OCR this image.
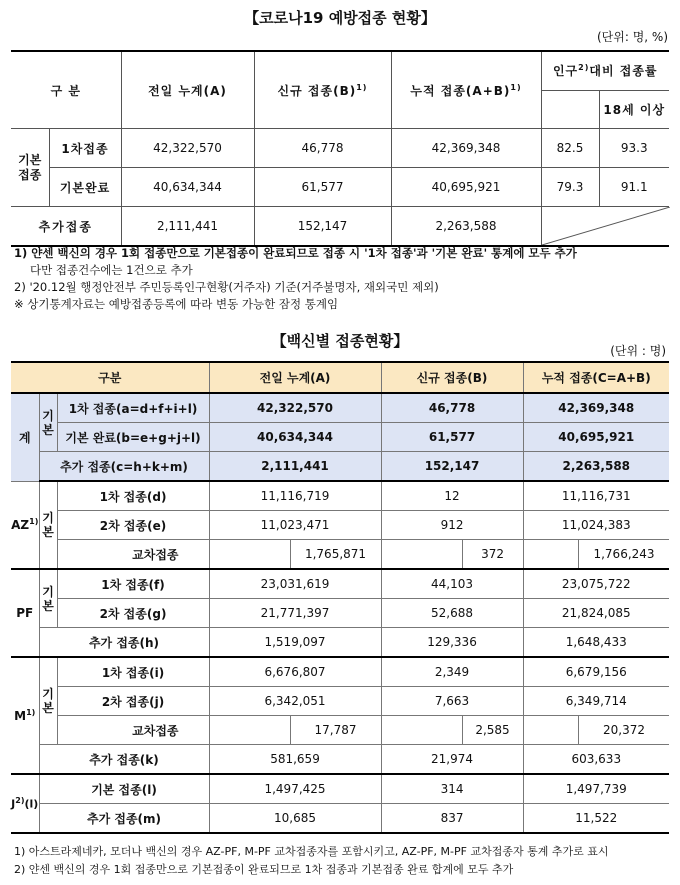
【코로나19 예방접종 현황】
(단위: 명, %)
구 분		전일 누계(A)	신규 접종$(B)^{1)}$	누적 접종$(A+B)^{1)}$	인구$^{2)}$대비 접종률	
						18세 이상

기본
접종	1차접종	42,322,570	46,778	42,369,348	82.5	93.3
	기본완료	40,634,344	61,577	40,695,921	79.3	91.1
추가접종		2,111,441	152,147	2,263,588	
1) 얀센 백신의 경우 1회 접종만으로 기본접종이 완료되므로 접종 시 '1차 접종'과 '기본 완료' 통계에 모두 추가
다만 접종건수에는 1건으로 추가
2) '20.12월 행정안전부 주민등록인구현황(거주자) 기준(거주불명자, 재외국민 제외)
※ 상기통계자료는 예방접종등록에 따라 변동 가능한 잠정 통계임
【백신별 접종현황】
(단위 : 명)
구분			전일 누계(A)	신규 접종(B)	누적 접종(C=A+B)
계	기
본	1차 접종(a=d+f+i+l)	42,322,570	46,778	42,369,348
		기본 완료(b=e+g+j+l)	40,634,344	61,577	40,695,921
	추가 접종(c=h+k+m)		2,111,441	152,147	2,263,588
AZ$^{1)}$	기
본	1차 접종(d)	11,116,719	12	11,116,731
		2차 접종(e)	11,023,471	912	11,024,383
		교차접종	1,765,871	372	1,766,243

PF	기
본	1차 접종(f)	23,031,619	44,103	23,075,722
		2차 접종(g)	21,771,397	52,688	21,824,085
	추가 접종(h)		1,519,097	129,336	1,648,433
$M^{1)}$	기
본	1차 접종(i)	6,676,807	2,349	6,679,156
		2차 접종(j)	6,342,051	7,663	6,349,714
		교차접종	17,787	2,585	20,372

	추가 접종(k)		581,659	21,974	603,633
$J^{2)}(l)$	기본 접종(l)		1,497,425	314	1,497,739
	추가 접종(m)		10,685	837	11,522
1) 아스트라제네카, 모더나 백신의 경우 AZ-PF, M-PF 교차접종자를 포함시키고, AZ-PF, M-PF 교차접종자 통계 추가로 표시
2) 얀센 백신의 경우 1회 접종만으로 기본접종이 완료되므로 1차 접종과 기본접종 완료 합계에 모두 추가
